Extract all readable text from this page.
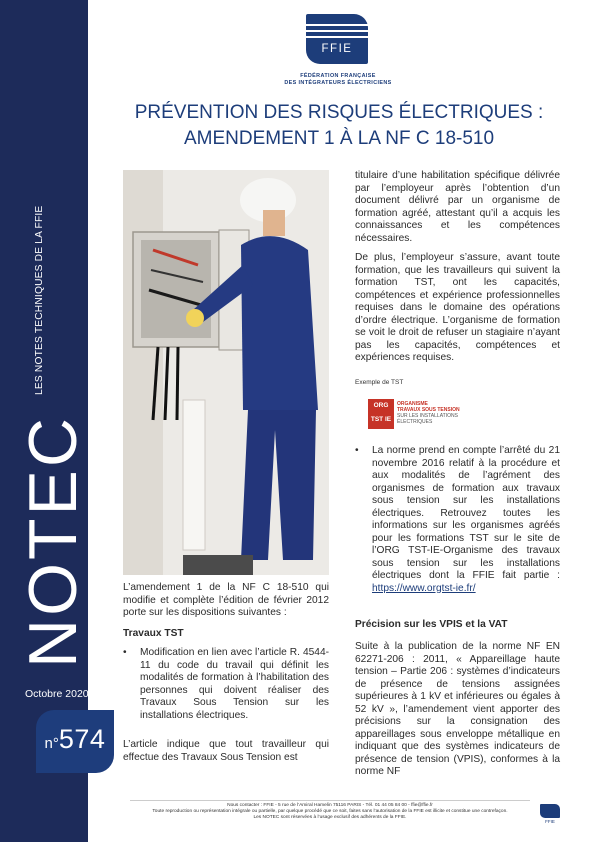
LES NOTES TECHNIQUES DE LA FFIE
NOTEC
Octobre 2020
n°574
FFIE
FÉDÉRATION FRANÇAISE
DES INTÉGRATEURS ÉLECTRICIENS
PRÉVENTION DES RISQUES ÉLECTRIQUES :
AMENDEMENT 1 À LA NF C 18-510
L’amendement 1 de la NF C 18-510 qui modifie et complète l’édition de février 2012 porte sur les dispositions suivantes :
Travaux TST
• Modification en lien avec l’article R. 4544-11 du code du travail qui définit les modalités de formation à l’habilitation des personnes qui doivent réaliser des Travaux Sous Tension sur les installations électriques.
L’article indique que tout travailleur qui effectue des Travaux Sous Tension est
titulaire d’une habilitation spécifique délivrée par l’employeur après l’obtention d’un document délivré par un organisme de formation agréé, attestant qu’il a acquis les connaissances et les compétences nécessaires.
De plus, l’employeur s’assure, avant toute formation, que les travailleurs qui suivent la formation TST, ont les capacités, compétences et expérience professionnelles requises dans le domaine des opérations d’ordre électrique. L’organisme de formation se voit le droit de refuser un stagiaire n’ayant pas les capacités, compétences et expériences requises.
Exemple de TST
ORG
TST IE
ORGANISME
TRAVAUX SOUS TENSION
SUR LES INSTALLATIONS
ÉLECTRIQUES
• La norme prend en compte l’arrêté du 21 novembre 2016 relatif à la procédure et aux modalités de l’agrément des organismes de formation aux travaux sous tension sur les installations électriques. Retrouvez toutes les informations sur les organismes agréés pour les formations TST sur le site de l’ORG TST-IE-Organisme des travaux sous tension sur les installations électriques dont la FFIE fait partie : https://www.orgtst-ie.fr/
Précision sur les VPIS et la VAT
Suite à la publication de la norme NF EN 62271-206 : 2011, « Appareillage haute tension – Partie 206 : systèmes d’indicateurs de présence de tensions assignées supérieures à 1 kV et inférieures ou égales à 52 kV », l’amendement vient apporter des précisions sur la consignation des appareillages sous enveloppe métallique en indiquant que des systèmes indicateurs de présence de tension (VPIS), conformes à la norme NF
Nous contacter : FFIE - 5 rue de l’Amiral Hamelin 75116 PARIS - Tél. 01 44 05 84 00 - ffie@ffie.fr
Toute reproduction ou représentation intégrale ou partielle, par quelque procédé que ce soit, faites sans l’autorisation de la FFIE est illicite et constitue une contrefaçon.
Les NOTEC sont réservées à l’usage exclusif des adhérents de la FFIE.
FFIE
